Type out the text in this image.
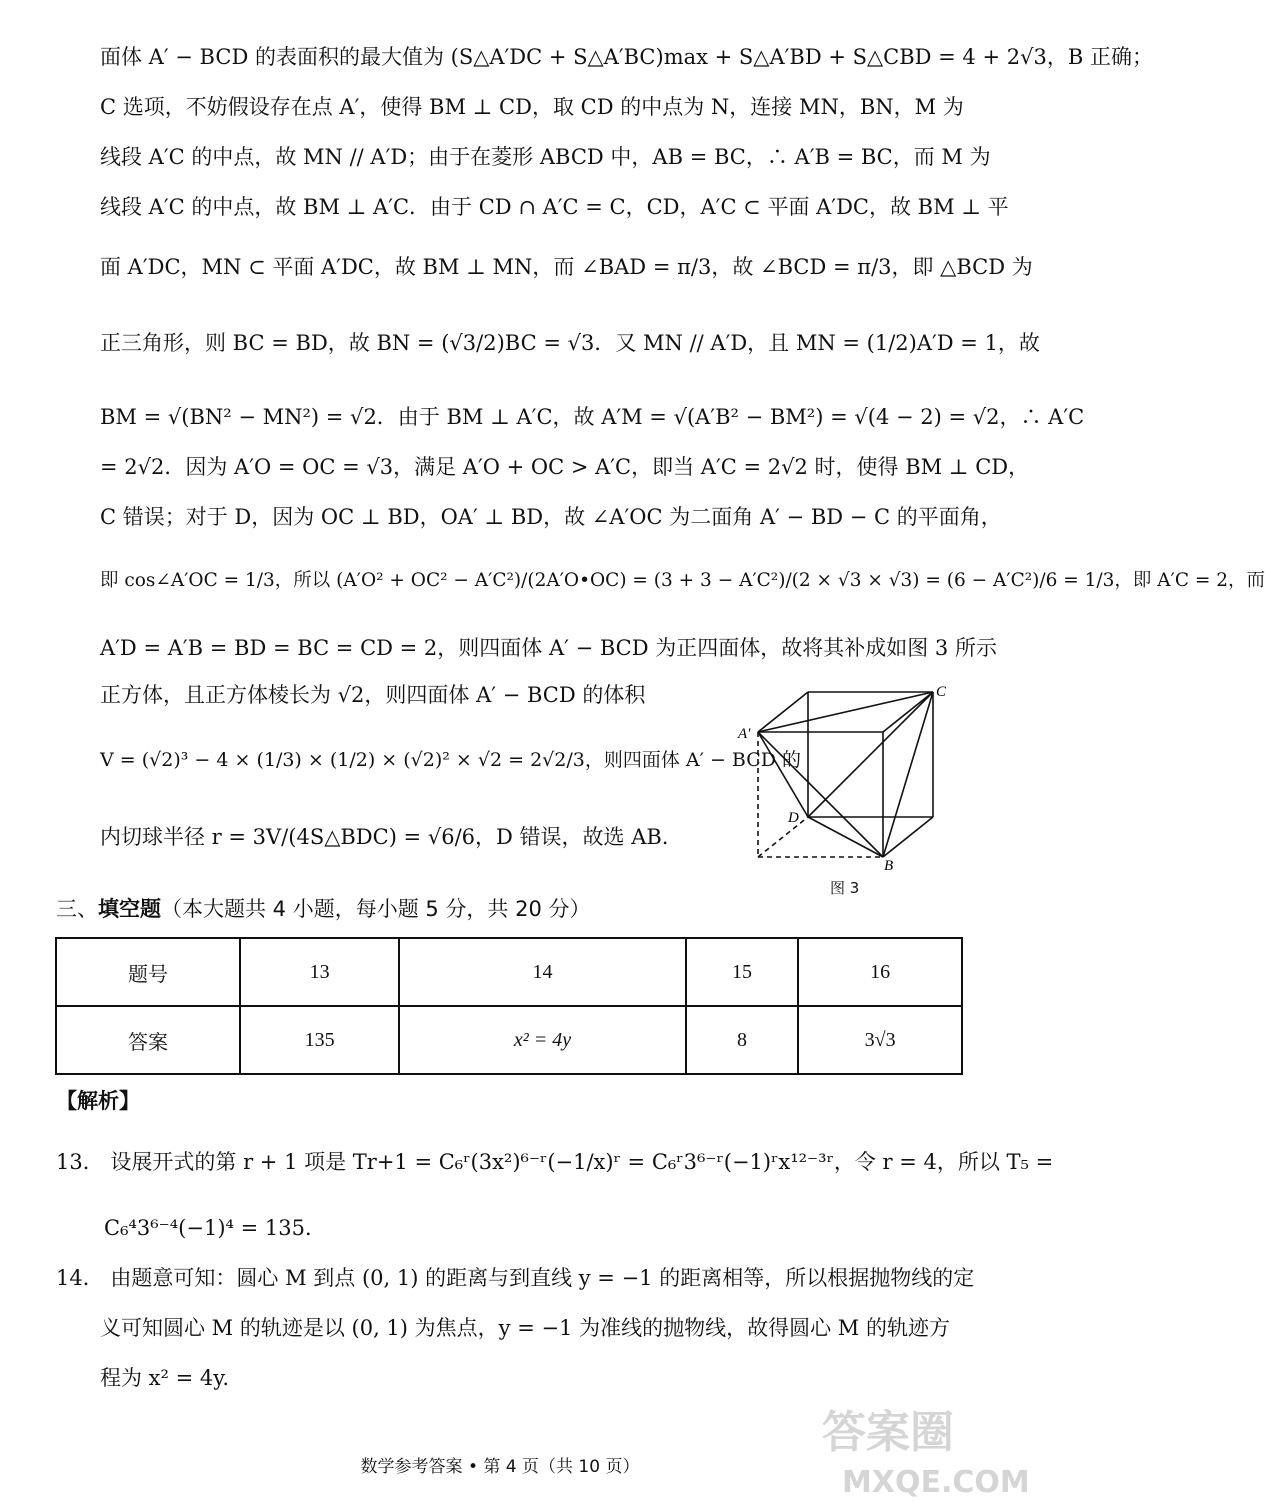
面体 A′ − BCD 的表面积的最大值为 (S△A′DC + S△A′BC)max + S△A′BD + S△CBD = 4 + 2√3，B 正确；
C 选项，不妨假设存在点 A′，使得 BM ⊥ CD，取 CD 的中点为 N，连接 MN，BN，M 为
线段 A′C 的中点，故 MN // A′D；由于在菱形 ABCD 中，AB = BC，∴ A′B = BC，而 M 为
线段 A′C 的中点，故 BM ⊥ A′C．由于 CD ∩ A′C = C，CD，A′C ⊂ 平面 A′DC，故 BM ⊥ 平
面 A′DC，MN ⊂ 平面 A′DC，故 BM ⊥ MN，而 ∠BAD = π/3，故 ∠BCD = π/3，即 △BCD 为
正三角形，则 BC = BD，故 BN = (√3/2)BC = √3．又 MN // A′D，且 MN = (1/2)A′D = 1，故
BM = √(BN² − MN²) = √2．由于 BM ⊥ A′C，故 A′M = √(A′B² − BM²) = √(4 − 2) = √2，∴ A′C
= 2√2．因为 A′O = OC = √3，满足 A′O + OC > A′C，即当 A′C = 2√2 时，使得 BM ⊥ CD，
C 错误；对于 D，因为 OC ⊥ BD，OA′ ⊥ BD，故 ∠A′OC 为二面角 A′ − BD − C 的平面角，
即 cos∠A′OC = 1/3，所以 (A′O² + OC² − A′C²)/(2A′O•OC) = (3 + 3 − A′C²)/(2 × √3 × √3) = (6 − A′C²)/6 = 1/3，即 A′C = 2，而
A′D = A′B = BD = BC = CD = 2，则四面体 A′ − BCD 为正四面体，故将其补成如图 3 所示
正方体，且正方体棱长为 √2，则四面体 A′ − BCD 的体积
V = (√2)³ − 4 × (1/3) × (1/2) × (√2)² × √2 = 2√2/3，则四面体 A′ − BCD 的
内切球半径 r = 3V/(4S△BDC) = √6/6，D 错误，故选 AB.
C
A′
D
B
图 3
三、填空题（本大题共 4 小题，每小题 5 分，共 20 分）
题号	13	14	15	16
答案	135	x² = 4y	8	3√3
【解析】
13． 设展开式的第 r + 1 项是 Tr+1 = C₆ʳ(3x²)⁶⁻ʳ(−1/x)ʳ = C₆ʳ3⁶⁻ʳ(−1)ʳx¹²⁻³ʳ，令 r = 4，所以 T₅ =
C₆⁴3⁶⁻⁴(−1)⁴ = 135．
14． 由题意可知：圆心 M 到点 (0, 1) 的距离与到直线 y = −1 的距离相等，所以根据抛物线的定
义可知圆心 M 的轨迹是以 (0, 1) 为焦点，y = −1 为准线的抛物线，故得圆心 M 的轨迹方
程为 x² = 4y.
数学参考答案 • 第 4 页（共 10 页）
答案圈
MXQE.COM
